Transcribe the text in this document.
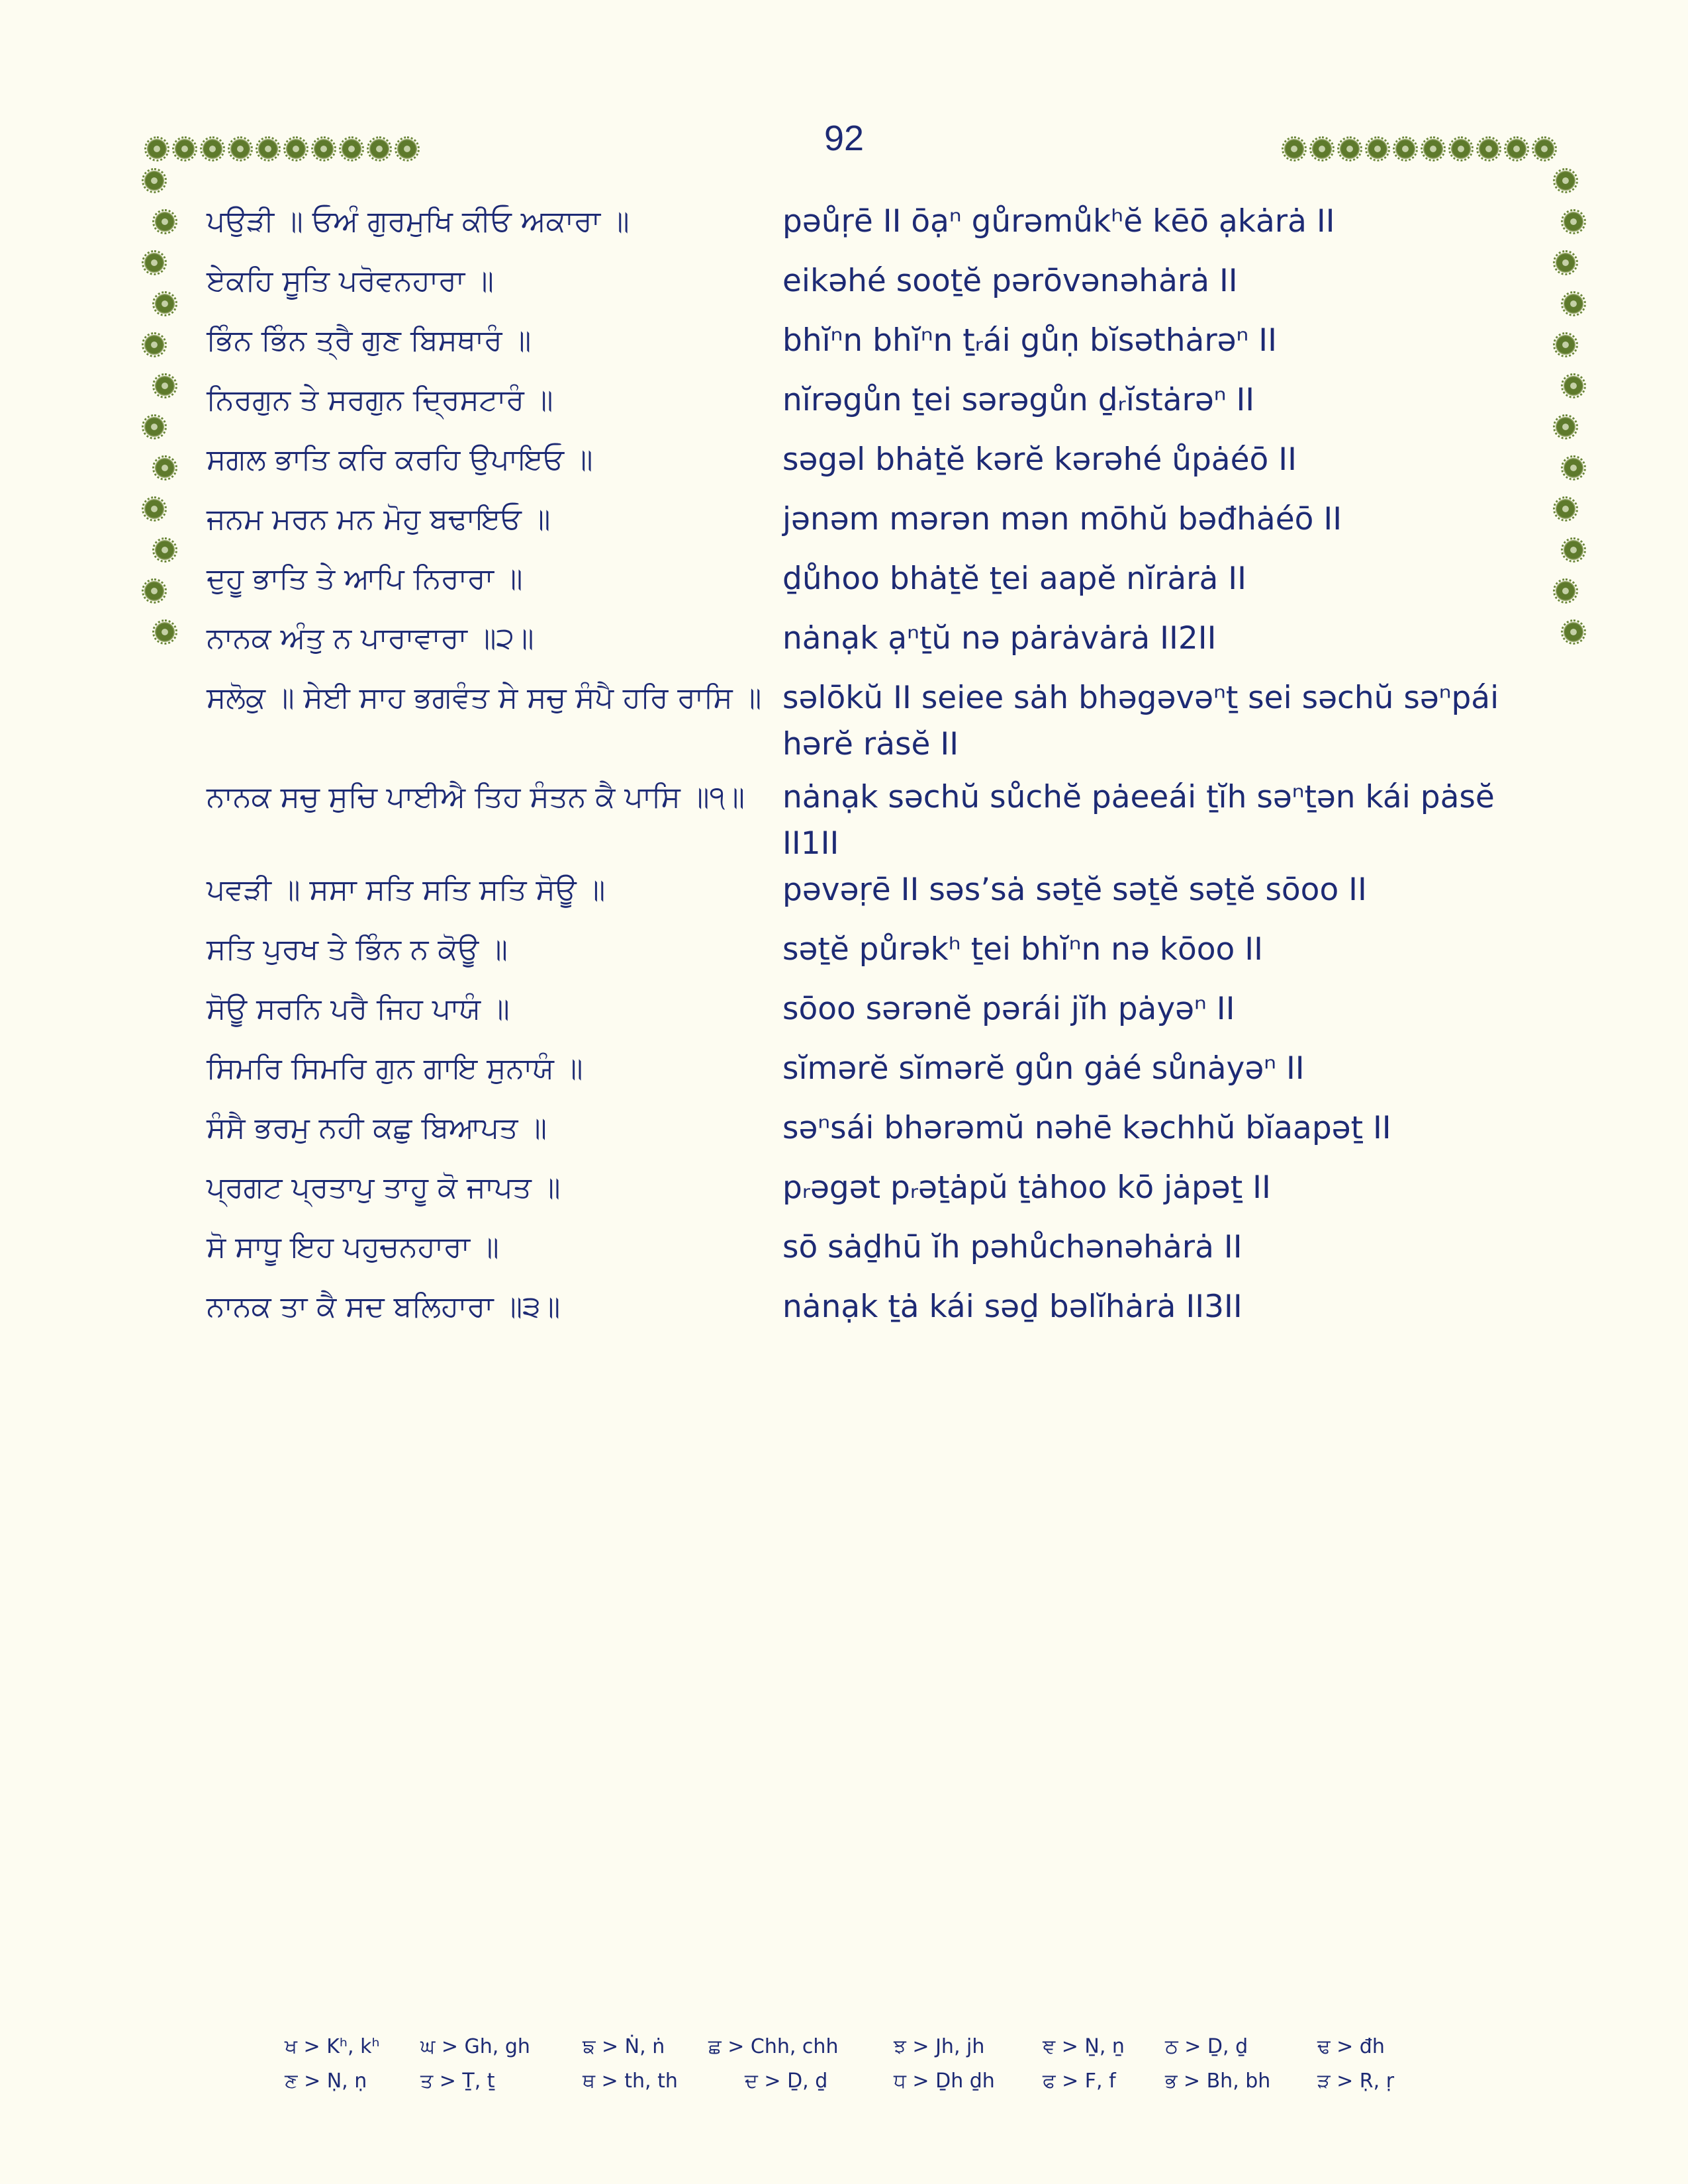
92
ਪਉੜੀ ॥ ਓਅੰ ਗੁਰਮੁਖਿ ਕੀਓ ਅਕਾਰਾ ॥	pəůṛē II ōạⁿ gůrəmůkʰĕ kēō ạkȧrȧ II
ਏਕਹਿ ਸੂਤਿ ਪਰੋਵਨਹਾਰਾ ॥	eikəhé sooṯĕ pərōvənəhȧrȧ II
ਭਿੰਨ ਭਿੰਨ ਤ੍ਰੈ ਗੁਣ ਬਿਸਥਾਰੰ ॥	bhĭⁿn bhĭⁿn ṯᵣái gůṇ bĭsəthȧrəⁿ II
ਨਿਰਗੁਨ ਤੇ ਸਰਗੁਨ ਦ੍ਰਿਸਟਾਰੰ ॥	nĭrəgůn ṯei sərəgůn ḏᵣĭstȧrəⁿ II
ਸਗਲ ਭਾਤਿ ਕਰਿ ਕਰਹਿ ਉਪਾਇਓ ॥	səgəl bhȧṯĕ kərĕ kərəhé ůpȧéō II
ਜਨਮ ਮਰਨ ਮਨ ਮੋਹੁ ਬਢਾਇਓ ॥	jənəm mərən mən mōhŭ bəđhȧéō II
ਦੁਹੂ ਭਾਤਿ ਤੇ ਆਪਿ ਨਿਰਾਰਾ ॥	ḏůhoo bhȧṯĕ ṯei aapĕ nĭrȧrȧ II
ਨਾਨਕ ਅੰਤੁ ਨ ਪਾਰਾਵਾਰਾ ॥੨॥	nȧnạk ạⁿṯŭ nə pȧrȧvȧrȧ II2II
ਸਲੋਕੁ ॥ ਸੇਈ ਸਾਹ ਭਗਵੰਤ ਸੇ ਸਚੁ ਸੰਪੈ ਹਰਿ ਰਾਸਿ ॥ səlōkŭ II seiee sȧh bhəgəvəⁿṯ sei səchŭ səⁿpái hərĕ rȧsĕ II
ਨਾਨਕ ਸਚੁ ਸੁਚਿ ਪਾਈਐ ਤਿਹ ਸੰਤਨ ਕੈ ਪਾਸਿ ॥੧॥	nȧnạk səchŭ sůchĕ pȧeeái ṯĭh səⁿṯən kái pȧsĕ II1II
ਪਵੜੀ ॥ ਸਸਾ ਸਤਿ ਸਤਿ ਸਤਿ ਸੋਊ ॥	pəvəṛē II səs’sȧ səṯĕ səṯĕ səṯĕ sōoo II
ਸਤਿ ਪੁਰਖ ਤੇ ਭਿੰਨ ਨ ਕੋਊ ॥	səṯĕ půrəkʰ ṯei bhĭⁿn nə kōoo II
ਸੋਊ ਸਰਨਿ ਪਰੈ ਜਿਹ ਪਾਯੰ ॥	sōoo sərənĕ pərái jĭh pȧyəⁿ II
ਸਿਮਰਿ ਸਿਮਰਿ ਗੁਨ ਗਾਇ ਸੁਨਾਯੰ ॥	sĭmərĕ sĭmərĕ gůn gȧé sůnȧyəⁿ II
ਸੰਸੈ ਭਰਮੁ ਨਹੀ ਕਛੁ ਬਿਆਪਤ ॥	səⁿsái bhərəmŭ nəhē kəchhŭ bĭaapəṯ II
ਪ੍ਰਗਟ ਪ੍ਰਤਾਪੁ ਤਾਹੂ ਕੋ ਜਾਪਤ ॥	pᵣəgət pᵣəṯȧpŭ ṯȧhoo kō jȧpəṯ II
ਸੋ ਸਾਧੂ ਇਹ ਪਹੁਚਨਹਾਰਾ ॥	sō sȧḏhū ĭh pəhůchənəhȧrȧ II
ਨਾਨਕ ਤਾ ਕੈ ਸਦ ਬਲਿਹਾਰਾ ॥੩॥	nȧnạk ṯȧ kái səḏ bəlĭhȧrȧ II3II
ਖ > Kʰ, kʰ ਘ > Gh, gh	ਙ > Ṅ, ṅ ਛ > Chh, chh	ਝ > Jh, jh	ਞ > Ṉ, ṉ ਠ > Ḏ, ḏ	ਢ > đh
ਣ > Ṇ, ṇ	ਤ > Ṯ, ṯ	ਥ > th, th	ਦ > Ḏ, ḏ	ਧ > Ḏh ḏh ਫ > F, f ਭ > Bh, bh ੜ > Ṛ, ṛ
